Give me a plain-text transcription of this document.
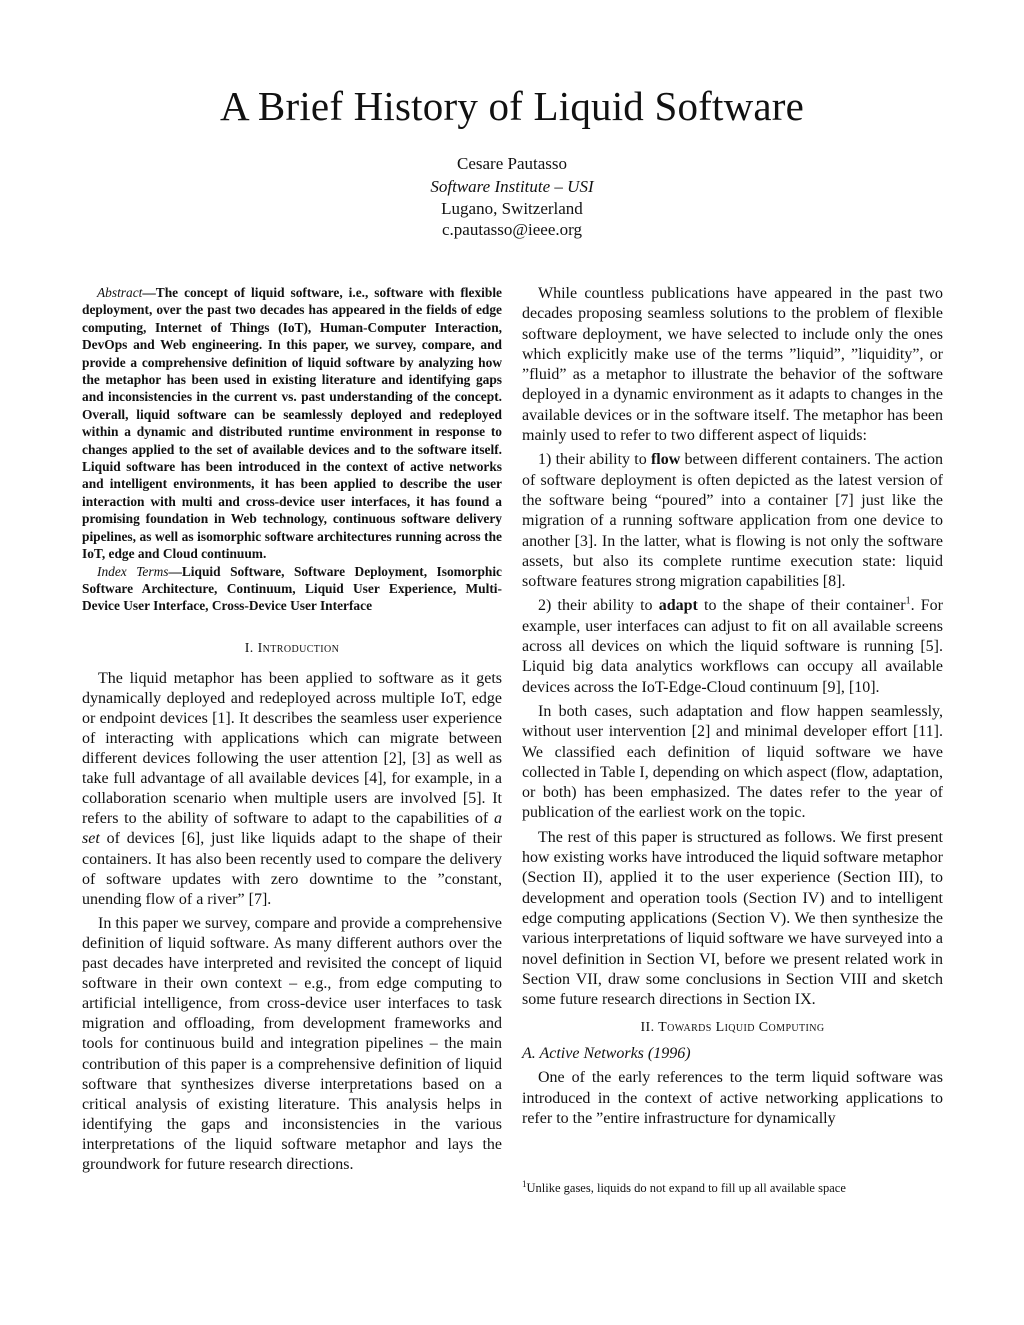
A Brief History of Liquid Software
Cesare Pautasso
Software Institute – USI
Lugano, Switzerland
c.pautasso@ieee.org

Abstract—The concept of liquid software, i.e., software with flexible deployment, over the past two decades has appeared in the fields of edge computing, Internet of Things (IoT), Human-Computer Interaction, DevOps and Web engineering. In this paper, we survey, compare, and provide a comprehensive definition of liquid software by analyzing how the metaphor has been used in existing literature and identifying gaps and inconsistencies in the current vs. past understanding of the concept. Overall, liquid software can be seamlessly deployed and redeployed within a dynamic and distributed runtime environment in response to changes applied to the set of available devices and to the software itself. Liquid software has been introduced in the context of active networks and intelligent environments, it has been applied to describe the user interaction with multi and cross-device user interfaces, it has found a promising foundation in Web technology, continuous software delivery pipelines, as well as isomorphic software architectures running across the IoT, edge and Cloud continuum.

Index Terms—Liquid Software, Software Deployment, Isomorphic Software Architecture, Continuum, Liquid User Experience, Multi-Device User Interface, Cross-Device User Interface

I. Introduction

The liquid metaphor has been applied to software as it gets dynamically deployed and redeployed across multiple IoT, edge or endpoint devices [1]. It describes the seamless user experience of interacting with applications which can migrate between different devices following the user attention [2], [3] as well as take full advantage of all available devices [4], for example, in a collaboration scenario when multiple users are involved [5]. It refers to the ability of software to adapt to the capabilities of a set of devices [6], just like liquids adapt to the shape of their containers. It has also been recently used to compare the delivery of software updates with zero downtime to the ”constant, unending flow of a river” [7].

In this paper we survey, compare and provide a comprehensive definition of liquid software. As many different authors over the past decades have interpreted and revisited the concept of liquid software in their own context – e.g., from edge computing to artificial intelligence, from cross-device user interfaces to task migration and offloading, from development frameworks and tools for continuous build and integration pipelines – the main contribution of this paper is a comprehensive definition of liquid software that synthesizes diverse interpretations based on a critical analysis of existing literature. This analysis helps in identifying the gaps and inconsistencies in the various interpretations of the liquid software metaphor and lays the groundwork for future research directions.

While countless publications have appeared in the past two decades proposing seamless solutions to the problem of flexible software deployment, we have selected to include only the ones which explicitly make use of the terms ”liquid”, ”liquidity”, or ”fluid” as a metaphor to illustrate the behavior of the software deployed in a dynamic environment as it adapts to changes in the available devices or in the software itself. The metaphor has been mainly used to refer to two different aspect of liquids:

1) their ability to flow between different containers. The action of software deployment is often depicted as the latest version of the software being “poured” into a container [7] just like the migration of a running software application from one device to another [3]. In the latter, what is flowing is not only the software assets, but also its complete runtime execution state: liquid software features strong migration capabilities [8].

2) their ability to adapt to the shape of their container$^1$. For example, user interfaces can adjust to fit on all available screens across all devices on which the liquid software is running [5]. Liquid big data analytics workflows can occupy all available devices across the IoT-Edge-Cloud continuum [9], [10].

In both cases, such adaptation and flow happen seamlessly, without user intervention [2] and minimal developer effort [11]. We classified each definition of liquid software we have collected in Table I, depending on which aspect (flow, adaptation, or both) has been emphasized. The dates refer to the year of publication of the earliest work on the topic.

The rest of this paper is structured as follows. We first present how existing works have introduced the liquid software metaphor (Section II), applied it to the user experience (Section III), to development and operation tools (Section IV) and to intelligent edge computing applications (Section V). We then synthesize the various interpretations of liquid software we have surveyed into a novel definition in Section VI, before we present related work in Section VII, draw some conclusions in Section VIII and sketch some future research directions in Section IX.

II. Towards Liquid Computing
A. Active Networks (1996)

One of the early references to the term liquid software was introduced in the context of active networking applications to refer to the ”entire infrastructure for dynamically

$^1$Unlike gases, liquids do not expand to fill up all available space
